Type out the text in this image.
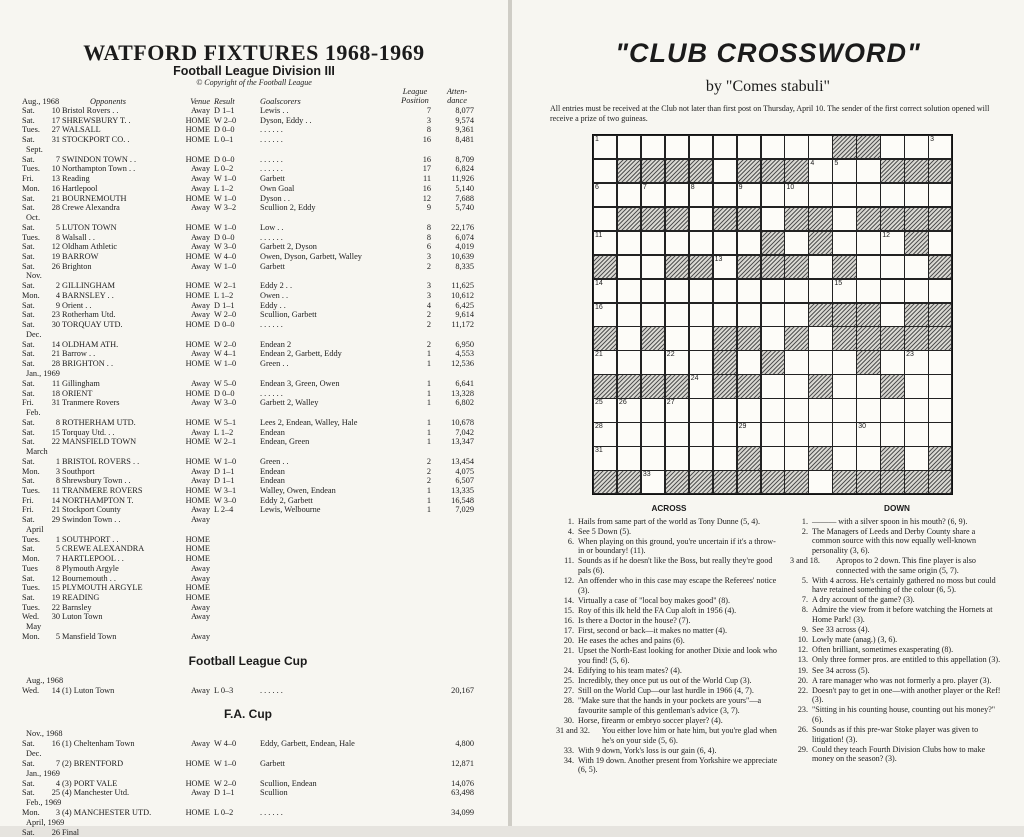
WATFORD FIXTURES 1968-1969
Football League Division III
© Copyright of the Football League
Aug., 1968	Opponents	Venue Result	Goalscorers
League Position
Atten- dance
Sat.	10 Bristol Rovers . .	Away D 1–1	Lewis . .	7	8,077
Sat.	17 SHREWSBURY T. .	HOME W 2–0	Dyson, Eddy . .	3	9,574
Tues.	27 WALSALL	HOME D 0–0	. . . . . .	8	9,361
Sat.	31 STOCKPORT CO. .	HOME L 0–1	. . . . . .	16	8,481
Sept.
Sat.	7 SWINDON TOWN . .	HOME D 0–0	. . . . . .	16	8,709
Tues.	10 Northampton Town . .	Away L 0–2	. . . . . .	17	6,824
Fri.	13 Reading	Away W 1–0	Garbett	11	11,926
Mon.	16 Hartlepool	Away L 1–2	Own Goal	16	5,140
Sat.	21 BOURNEMOUTH	HOME W 1–0	Dyson . .	12	7,688
Sat.	28 Crewe Alexandra	Away W 3–2	Scullion 2, Eddy	9	5,740
Oct.
Sat.	5 LUTON TOWN	HOME W 1–0	Low . .	8	22,176
Tues.	8 Walsall . .	Away D 0–0	. . . . . .	8	6,074
Sat.	12 Oldham Athletic	Away W 3–0	Garbett 2, Dyson	6	4,019
Sat.	19 BARROW	HOME W 4–0	Owen, Dyson, Garbett, Walley	3	10,639
Sat.	26 Brighton	Away W 1–0	Garbett	2	8,335
Nov.
Sat.	2 GILLINGHAM	HOME W 2–1	Eddy 2 . .	3	11,625
Mon.	4 BARNSLEY . .	HOME L 1–2	Owen . .	3	10,612
Sat.	9 Orient . .	Away D 1–1	Eddy . .	4	6,425
Sat.	23 Rotherham Utd.	Away W 2–0	Scullion, Garbett	2	9,614
Sat.	30 TORQUAY UTD.	HOME D 0–0	. . . . . .	2	11,172
Dec.
Sat.	14 OLDHAM ATH.	HOME W 2–0	Endean 2	2	6,950
Sat.	21 Barrow . .	Away W 4–1	Endean 2, Garbett, Eddy	1	4,553
Sat.	28 BRIGHTON . .	HOME W 1–0	Green . .	1	12,536
Jan., 1969
Sat.	11 Gillingham	Away W 5–0	Endean 3, Green, Owen	1	6,641
Sat.	18 ORIENT	HOME D 0–0	. . . . . .	1	13,328
Fri.	31 Tranmere Rovers	Away W 3–0	Garbett 2, Walley	1	6,802
Feb.
Sat.	8 ROTHERHAM UTD.	HOME W 5–1	Lees 2, Endean, Walley, Hale	1	10,678
Sat.	15 Torquay Utd. . .	Away L 1–2	Endean	1	7,042
Sat.	22 MANSFIELD TOWN	HOME W 2–1	Endean, Green	1	13,347
March
Sat.	1 BRISTOL ROVERS . .	HOME W 1–0	Green . .	2	13,454
Mon.	3 Southport	Away D 1–1	Endean	2	4,075
Sat.	8 Shrewsbury Town . .	Away D 1–1	Endean	2	6,507
Tues.	11 TRANMERE ROVERS	HOME W 3–1	Walley, Owen, Endean	1	13,335
Fri.	14 NORTHAMPTON T.	HOME W 3–0	Eddy 2, Garbett	1	16,548
Fri.	21 Stockport County	Away L 2–4	Lewis, Welbourne	1	7,029
Sat.	29 Swindon Town . .	Away
April
Tues.	1 SOUTHPORT . .	HOME
Sat.	5 CREWE ALEXANDRA	HOME
Mon.	7 HARTLEPOOL . .	HOME
Tues	8 Plymouth Argyle	Away
Sat.	12 Bournemouth . .	Away
Tues.	15 PLYMOUTH ARGYLE	HOME
Sat.	19 READING	HOME
Tues.	22 Barnsley	Away
Wed.	30 Luton Town	Away
May
Mon.	5 Mansfield Town	Away
Football League Cup
Aug., 1968
Wed.	14 (1) Luton Town	Away L 0–3	. . . . . .	20,167
F.A. Cup
Nov., 1968
Sat.	16 (1) Cheltenham Town	Away W 4–0	Eddy, Garbett, Endean, Hale	4,800
Dec.
Sat.	7 (2) BRENTFORD	HOME W 1–0	Garbett	12,871
Jan., 1969
Sat.	4 (3) PORT VALE	HOME W 2–0	Scullion, Endean	14,076
Sat.	25 (4) Manchester Utd.	Away D 1–1	Scullion	63,498
Feb., 1969
Mon.	3 (4) MANCHESTER UTD.	HOME L 0–2	. . . . . .	34,099
April, 1969
Sat.	26 Final
"CLUB CROSSWORD"
by "Comes stabuli"
All entries must be received at the Club not later than first post on Thursday, April 10. The sender of the first correct solution opened will receive a prize of two guineas.
1	3
4	5
6	7	8	9	10
11	12
13
14	15
16
21	22	23
24
25 26	27
28	29	30
31
33
ACROSS
1. Hails from same part of the world as Tony Dunne (5, 4).
4. See 5 Down (5).
6. When playing on this ground, you're uncertain if it's a throw-in or boundary! (11).
11. Sounds as if he doesn't like the Boss, but really they're good pals (6).
12. An offender who in this case may escape the Referees' notice (3).
14. Virtually a case of "local boy makes good" (8).
15. Roy of this ilk held the FA Cup aloft in 1956 (4).
16. Is there a Doctor in the house? (7).
17. First, second or back—it makes no matter (4).
20. He eases the aches and pains (6).
21. Upset the North-East looking for another Dixie and look who you find! (5, 6).
24. Edifying to his team mates? (4).
25. Incredibly, they once put us out of the World Cup (3).
27. Still on the World Cup—our last hurdle in 1966 (4, 7).
28. "Make sure that the hands in your pockets are yours"—a favourite sample of this gentleman's advice (3, 7).
30. Horse, firearm or embryo soccer player? (4).
31 and 32.	You either love him or hate him, but you're glad when he's on your side (5, 6).
33. With 9 down, York's loss is our gain (6, 4).
34. With 19 down. Another present from Yorkshire we appreciate (6, 5).
DOWN
1. ——— with a silver spoon in his mouth? (6, 9).
2. The Managers of Leeds and Derby County share a common source with this now equally well-known personality (3, 6).
3 and 18.	Apropos to 2 down. This fine player is also connected with the same origin (5, 7).
5. With 4 across. He's certainly gathered no moss but could have retained something of the colour (6, 5).
7. A dry account of the game? (3).
8. Admire the view from it before watching the Hornets at Home Park! (3).
9. See 33 across (4).
10. Lowly mate (anag.) (3, 6).
12. Often brilliant, sometimes exasperating (8).
13. Only three former pros. are entitled to this appellation (3).
19. See 34 across (5).
20. A rare manager who was not formerly a pro. player (3).
22. Doesn't pay to get in one—with another player or the Ref! (3).
23. "Sitting in his counting house, counting out his money?" (6).
26. Sounds as if this pre-war Stoke player was given to litigation! (3).
29. Could they teach Fourth Division Clubs how to make money on the season? (3).
